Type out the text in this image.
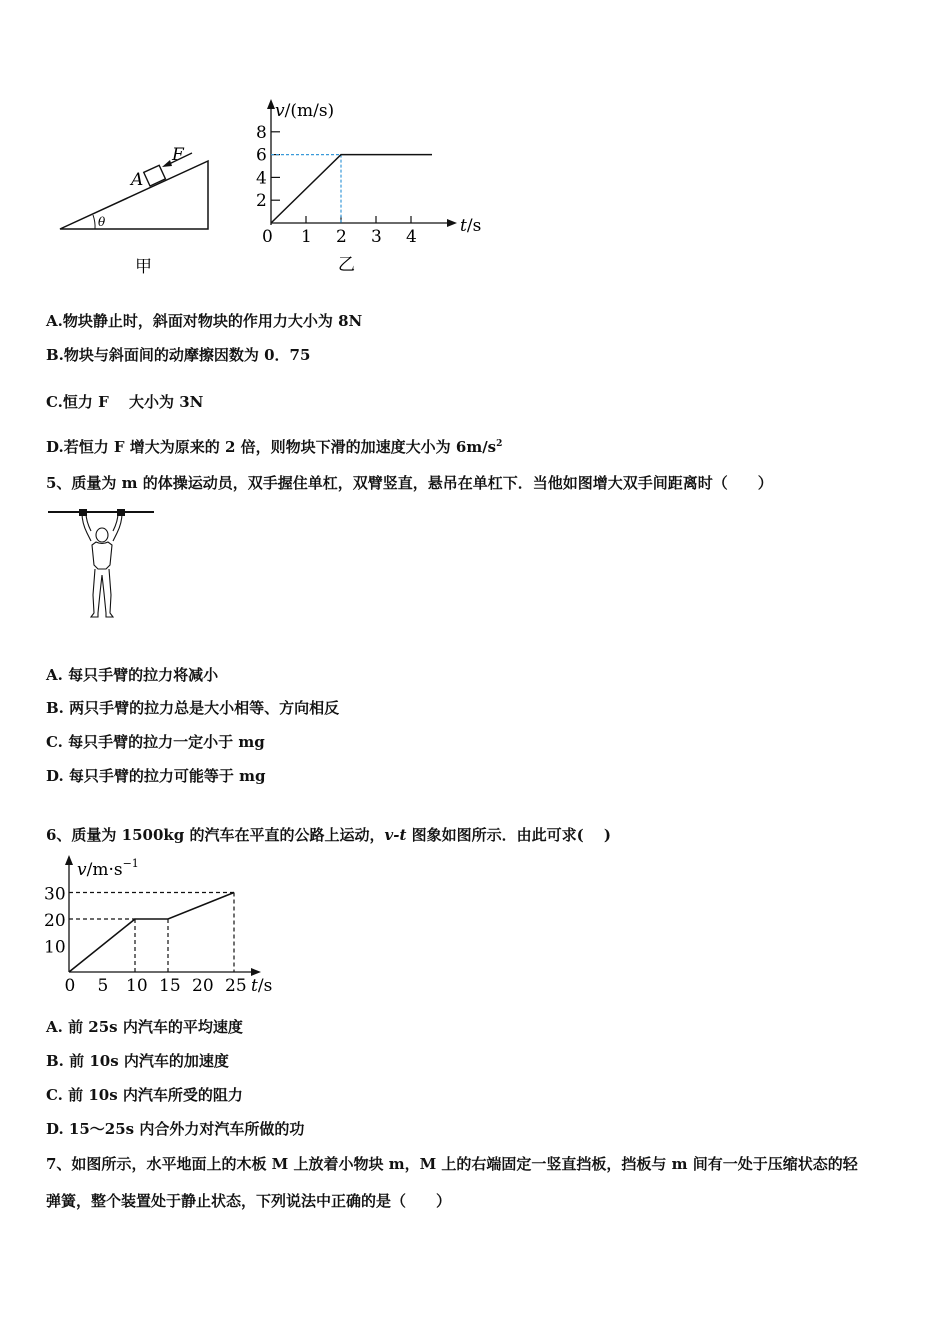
θ
A
F
甲
v/(m/s)
t/s
8
6
4
2
0 1 2 3 4
乙
A.物块静止时，斜面对物块的作用力大小为 8N
B.物块与斜面间的动摩擦因数为 0．75
C.恒力 F　 大小为 3N
D.若恒力 F 增大为原来的 2 倍，则物块下滑的加速度大小为 $6m/s^2$
5、质量为 m 的体操运动员，双手握住单杠，双臂竖直，悬吊在单杠下．当他如图增大双手间距离时（　　）
A. 每只手臂的拉力将减小
B. 两只手臂的拉力总是大小相等、方向相反
C. 每只手臂的拉力一定小于 mg
D. 每只手臂的拉力可能等于 mg
6、质量为 1500kg 的汽车在平直的公路上运动，v-t 图象如图所示．由此可求(　 )
$v/m\cdot s^{-1}$
t/s
30
20
10
0 5 10 15 20 25
A. 前 25s 内汽车的平均速度
B. 前 10s 内汽车的加速度
C. 前 10s 内汽车所受的阻力
D. 15～25s 内合外力对汽车所做的功
7、如图所示，水平地面上的木板 M 上放着小物块 m，M 上的右端固定一竖直挡板，挡板与 m 间有一处于压缩状态的轻
弹簧，整个装置处于静止状态，下列说法中正确的是（　　）
